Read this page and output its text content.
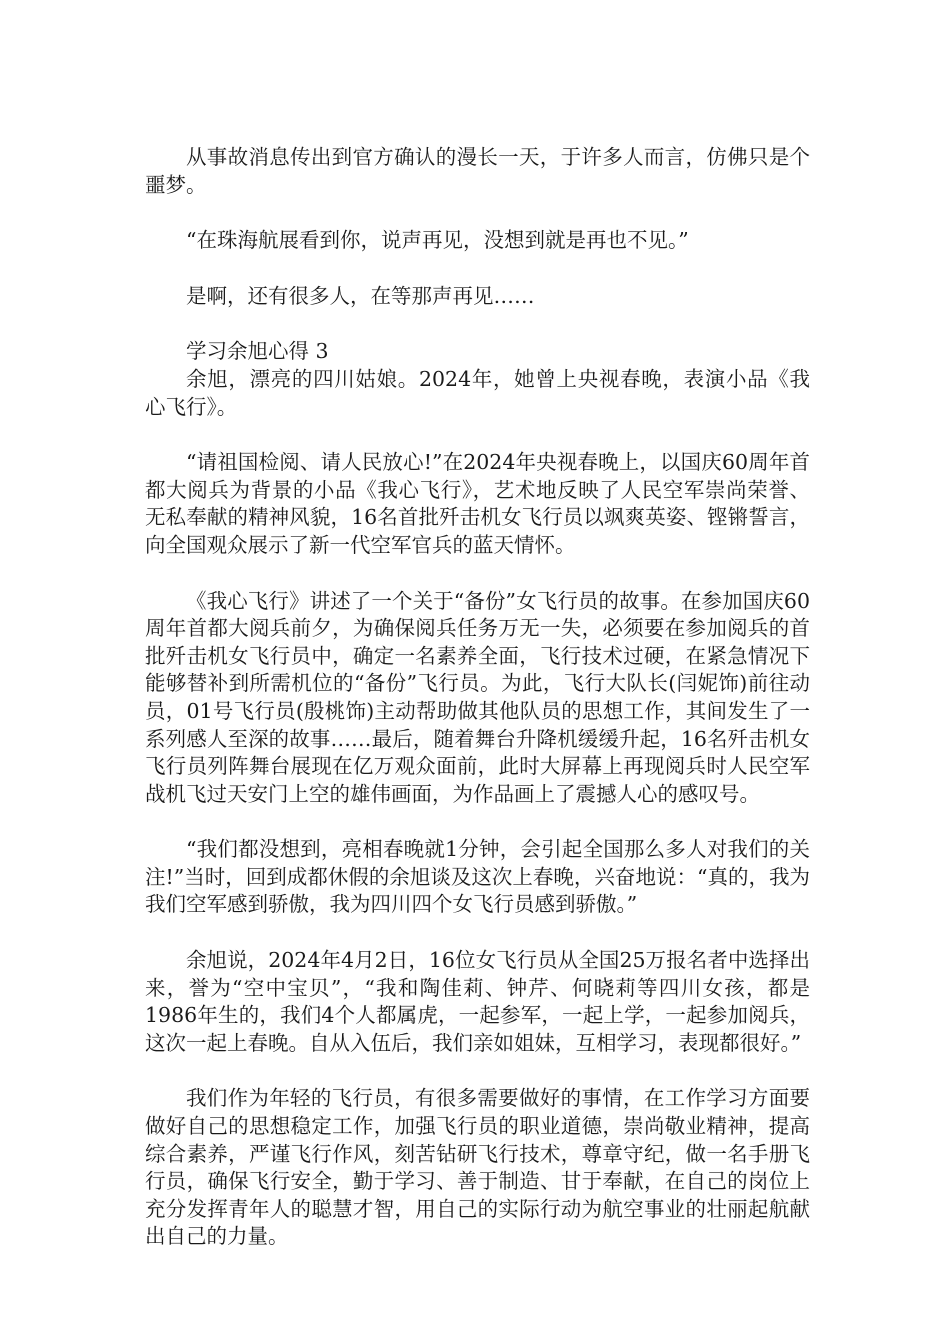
从事故消息传出到官方确认的漫长一天，于许多人而言，仿佛只是个噩梦。

“在珠海航展看到你，说声再见，没想到就是再也不见。”

是啊，还有很多人，在等那声再见……

学习余旭心得 3

余旭，漂亮的四川姑娘。2024年，她曾上央视春晚，表演小品《我心飞行》。

“请祖国检阅、请人民放心!”在2024年央视春晚上，以国庆60周年首都大阅兵为背景的小品《我心飞行》，艺术地反映了人民空军崇尚荣誉、无私奉献的精神风貌，16名首批歼击机女飞行员以飒爽英姿、铿锵誓言，向全国观众展示了新一代空军官兵的蓝天情怀。

《我心飞行》讲述了一个关于“备份”女飞行员的故事。在参加国庆60周年首都大阅兵前夕，为确保阅兵任务万无一失，必须要在参加阅兵的首批歼击机女飞行员中，确定一名素养全面，飞行技术过硬，在紧急情况下能够替补到所需机位的“备份”飞行员。为此，飞行大队长(闫妮饰)前往动员，01号飞行员(殷桃饰)主动帮助做其他队员的思想工作，其间发生了一系列感人至深的故事……最后，随着舞台升降机缓缓升起，16名歼击机女飞行员列阵舞台展现在亿万观众面前，此时大屏幕上再现阅兵时人民空军战机飞过天安门上空的雄伟画面，为作品画上了震撼人心的感叹号。

“我们都没想到，亮相春晚就1分钟，会引起全国那么多人对我们的关注!”当时，回到成都休假的余旭谈及这次上春晚，兴奋地说：“真的，我为我们空军感到骄傲，我为四川四个女飞行员感到骄傲。”

余旭说，2024年4月2日，16位女飞行员从全国25万报名者中选择出来，誉为“空中宝贝”，“我和陶佳莉、钟芹、何晓莉等四川女孩，都是1986年生的，我们4个人都属虎，一起参军，一起上学，一起参加阅兵，这次一起上春晚。自从入伍后，我们亲如姐妹，互相学习，表现都很好。”

我们作为年轻的飞行员，有很多需要做好的事情，在工作学习方面要做好自己的思想稳定工作，加强飞行员的职业道德，崇尚敬业精神，提高综合素养，严谨飞行作风，刻苦钻研飞行技术，尊章守纪，做一名手册飞行员，确保飞行安全，勤于学习、善于制造、甘于奉献，在自己的岗位上充分发挥青年人的聪慧才智，用自己的实际行动为航空事业的壮丽起航献出自己的力量。
